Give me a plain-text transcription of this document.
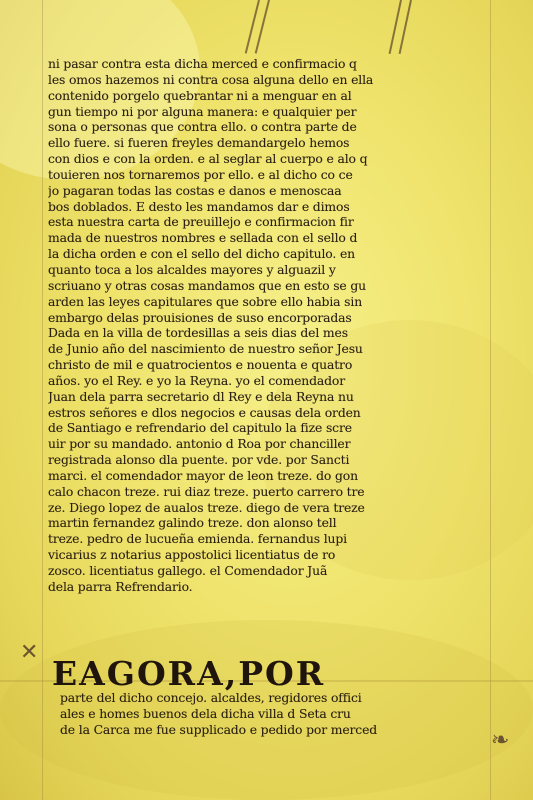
ni pasar contra esta dicha merced e confirmacio q
les omos hazemos ni contra cosa alguna dello en ella
contenido porgelo quebrantar ni a menguar en al
gun tiempo ni por alguna manera: e qualquier per
sona o personas que contra ello. o contra parte de
ello fuere. si fueren freyles demandargelo hemos
con dios e con la orden. e al seglar al cuerpo e alo q
touieren nos tornaremos por ello. e al dicho co ce
jo pagaran todas las costas e danos e menoscaa
bos doblados. E desto les mandamos dar e dimos
esta nuestra carta de preuillejo e confirmacion fir
mada de nuestros nombres e sellada con el sello d
la dicha orden e con el sello del dicho capitulo. en
quanto toca a los alcaldes mayores y alguazil y
scriuano y otras cosas mandamos que en esto se gu
arden las leyes capitulares que sobre ello habia sin
embargo delas prouisiones de suso encorporadas
Dada en la villa de tordesillas a seis dias del mes
de Junio año del nascimiento de nuestro señor Jesu
christo de mil e quatrocientos e nouenta e quatro
años. yo el Rey. e yo la Reyna. yo el comendador
Juan dela parra secretario dl Rey e dela Reyna nu
estros señores e dlos negocios e causas dela orden
de Santiago e refrendario del capitulo la fize scre
uir por su mandado. antonio d Roa por chanciller
registrada alonso dla puente. por vde. por Sancti
marci. el comendador mayor de leon treze. do gon
calo chacon treze. rui diaz treze. puerto carrero tre
ze. Diego lopez de aualos treze. diego de vera treze
martin fernandez galindo treze. don alonso tell
treze. pedro de lucueña emienda. fernandus lupi
vicarius z notarius appostolici licentiatus de ro
zosco. licentiatus gallego. el Comendador Juã
dela parra Refrendario.
EAGORA,POR
parte del dicho concejo. alcaldes, regidores offici
ales e homes buenos dela dicha villa d Seta cru
de la Carca me fue supplicado e pedido por merced
✕
❧
